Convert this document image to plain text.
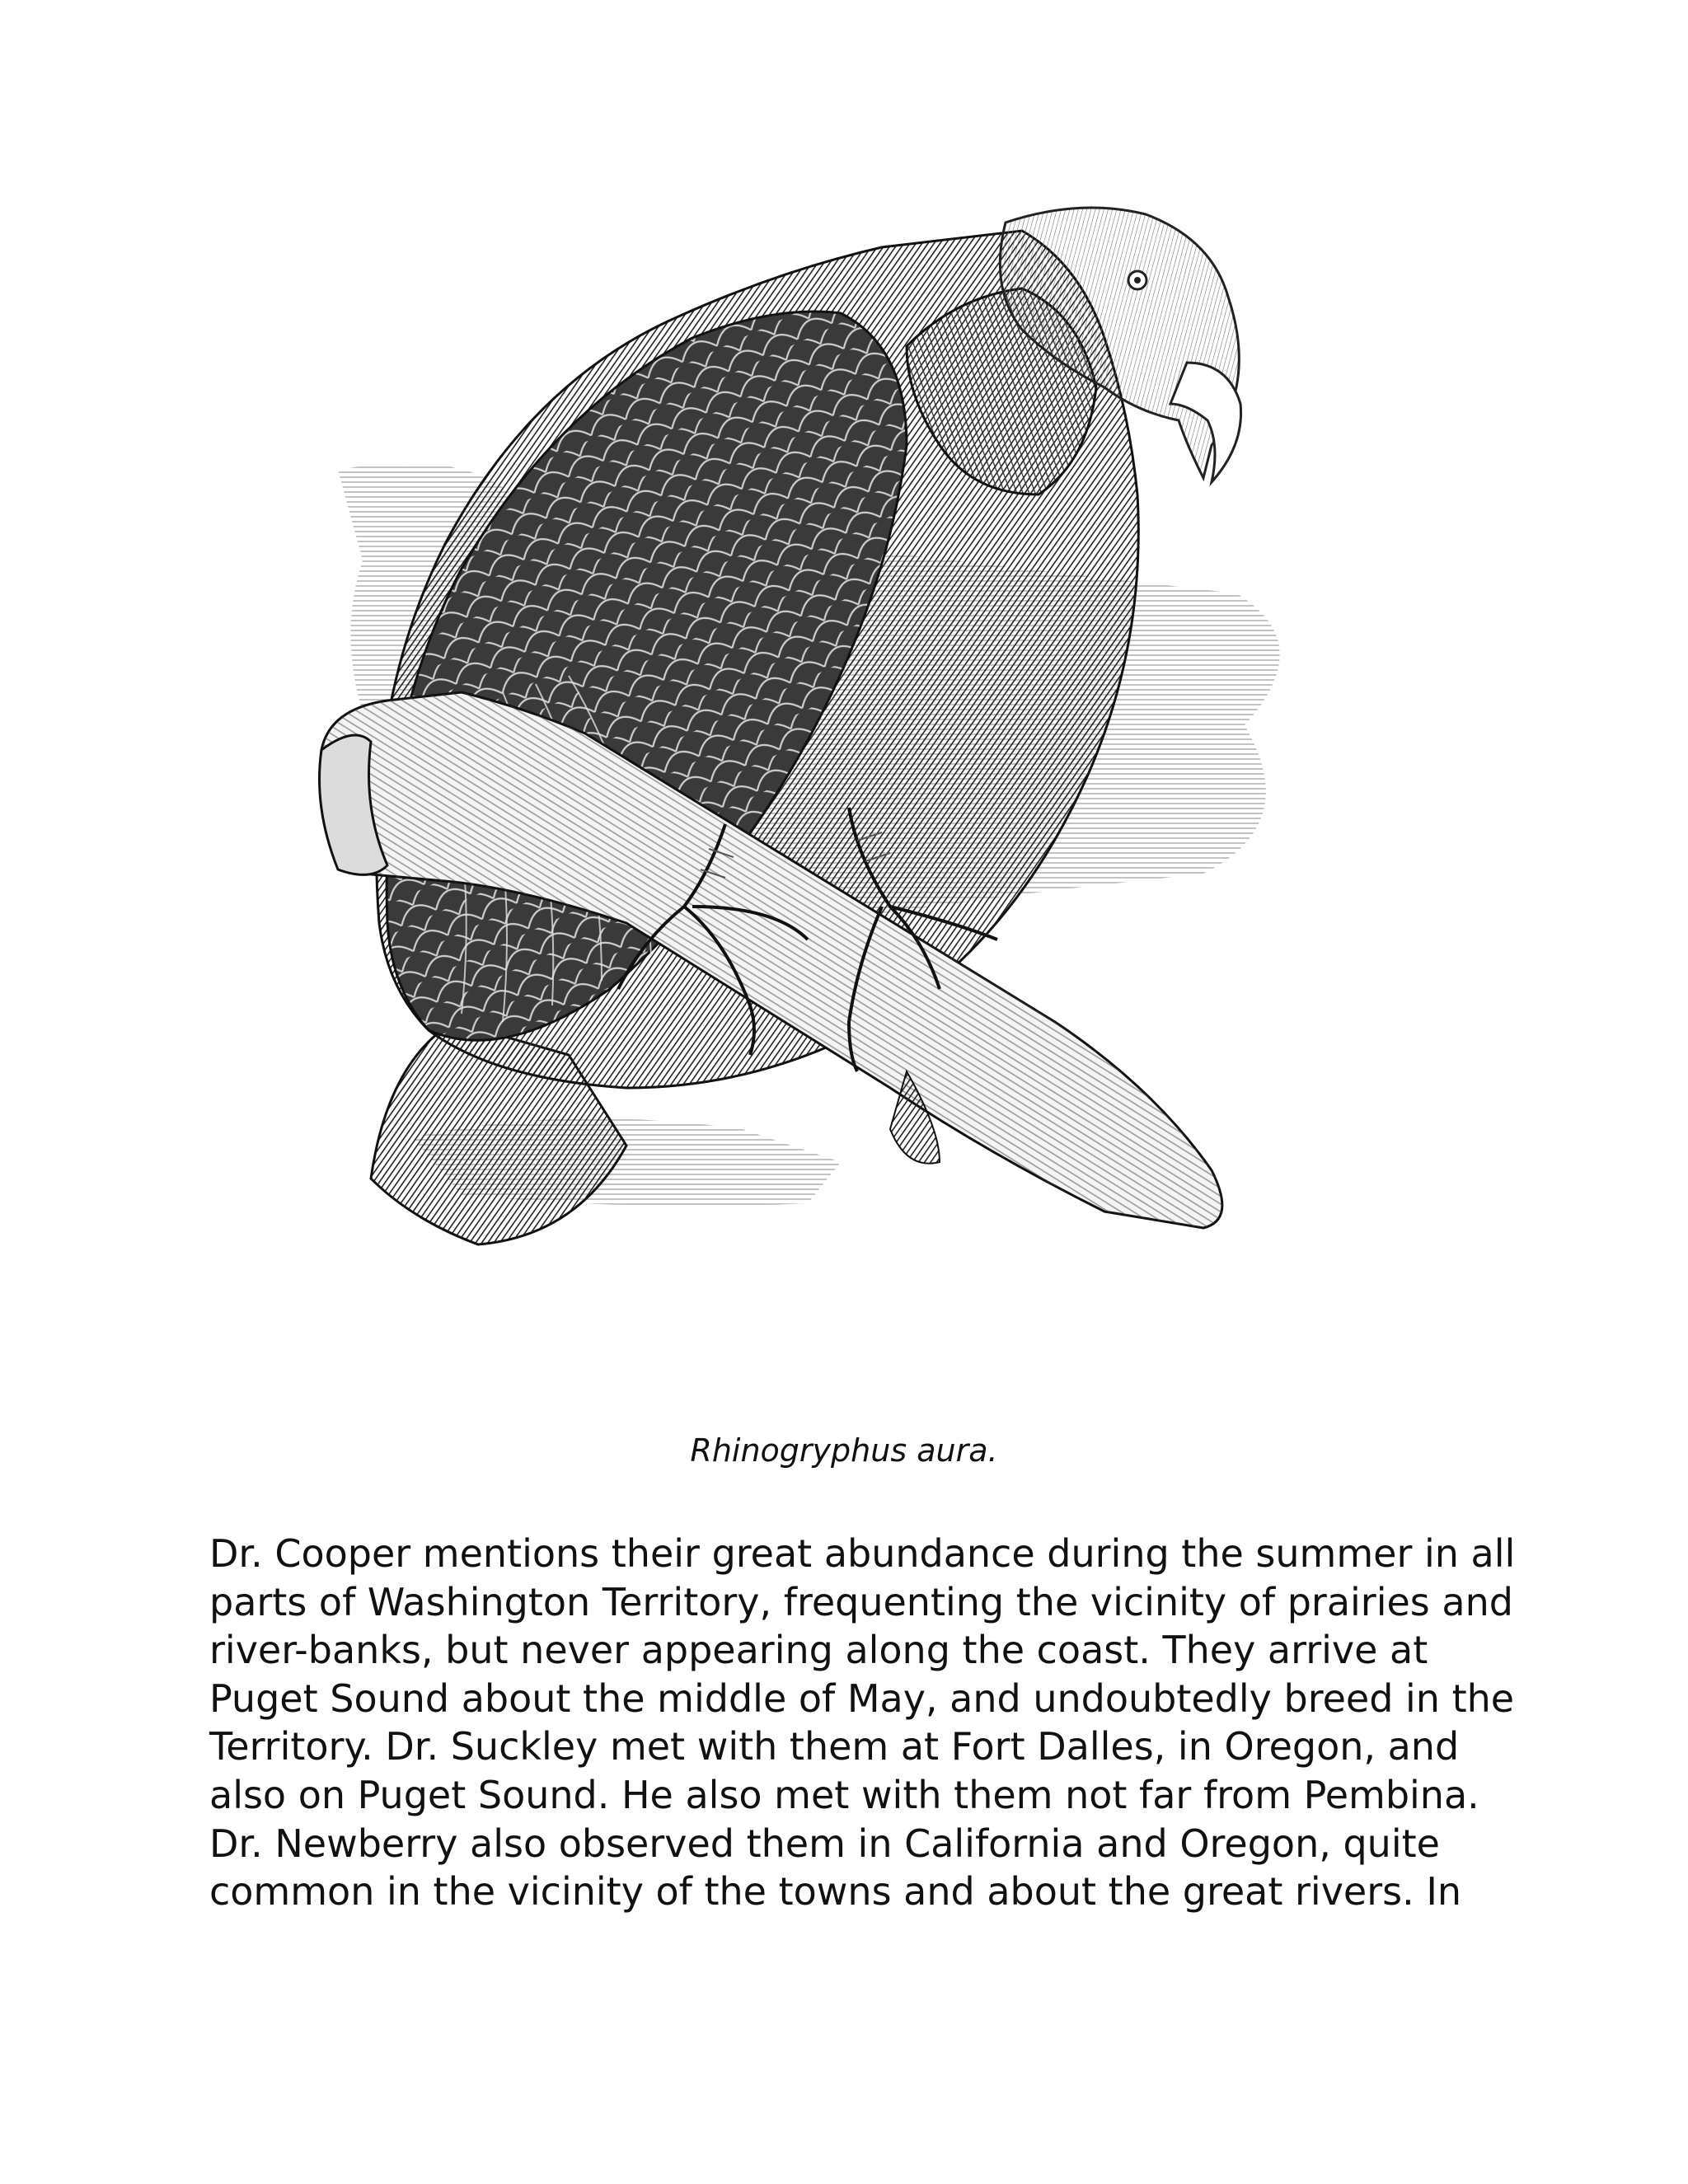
Rhinogryphus aura.
Dr. Cooper mentions their great abundance during the summer in all
parts of Washington Territory, frequenting the vicinity of prairies and
river-banks, but never appearing along the coast. They arrive at
Puget Sound about the middle of May, and undoubtedly breed in the
Territory. Dr. Suckley met with them at Fort Dalles, in Oregon, and
also on Puget Sound. He also met with them not far from Pembina.
Dr. Newberry also observed them in California and Oregon, quite
common in the vicinity of the towns and about the great rivers. In
